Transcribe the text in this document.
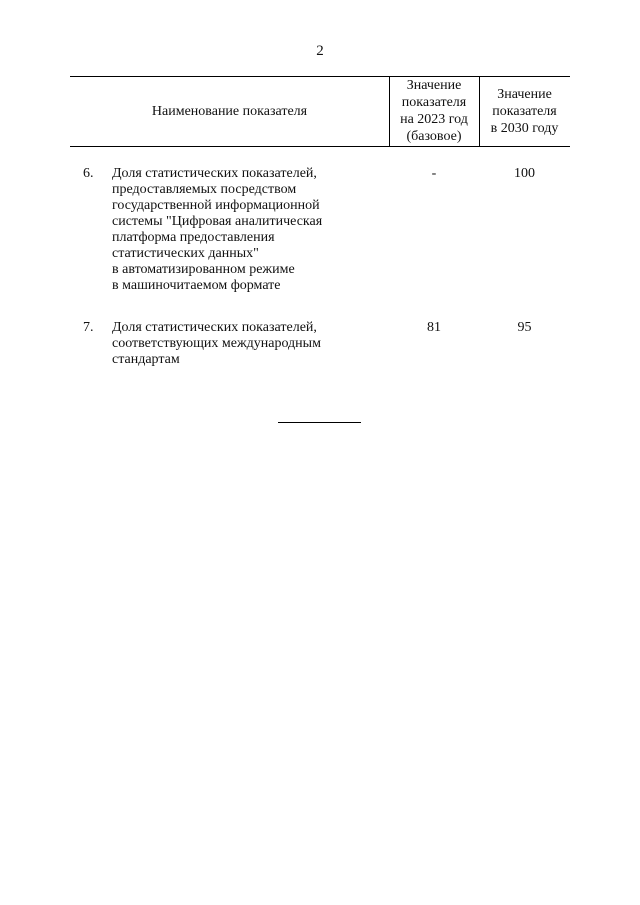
2
Наименование показателя
Значение
показателя
на 2023 год
(базовое)
Значение
показателя
в 2030 году
6. Доля статистических показателей,
предоставляемых посредством
государственной информационной
системы "Цифровая аналитическая
платформа предоставления
статистических данных"
в автоматизированном режиме
в машиночитаемом формате
-	100
7. Доля статистических показателей,
соответствующих международным
стандартам
81	95
